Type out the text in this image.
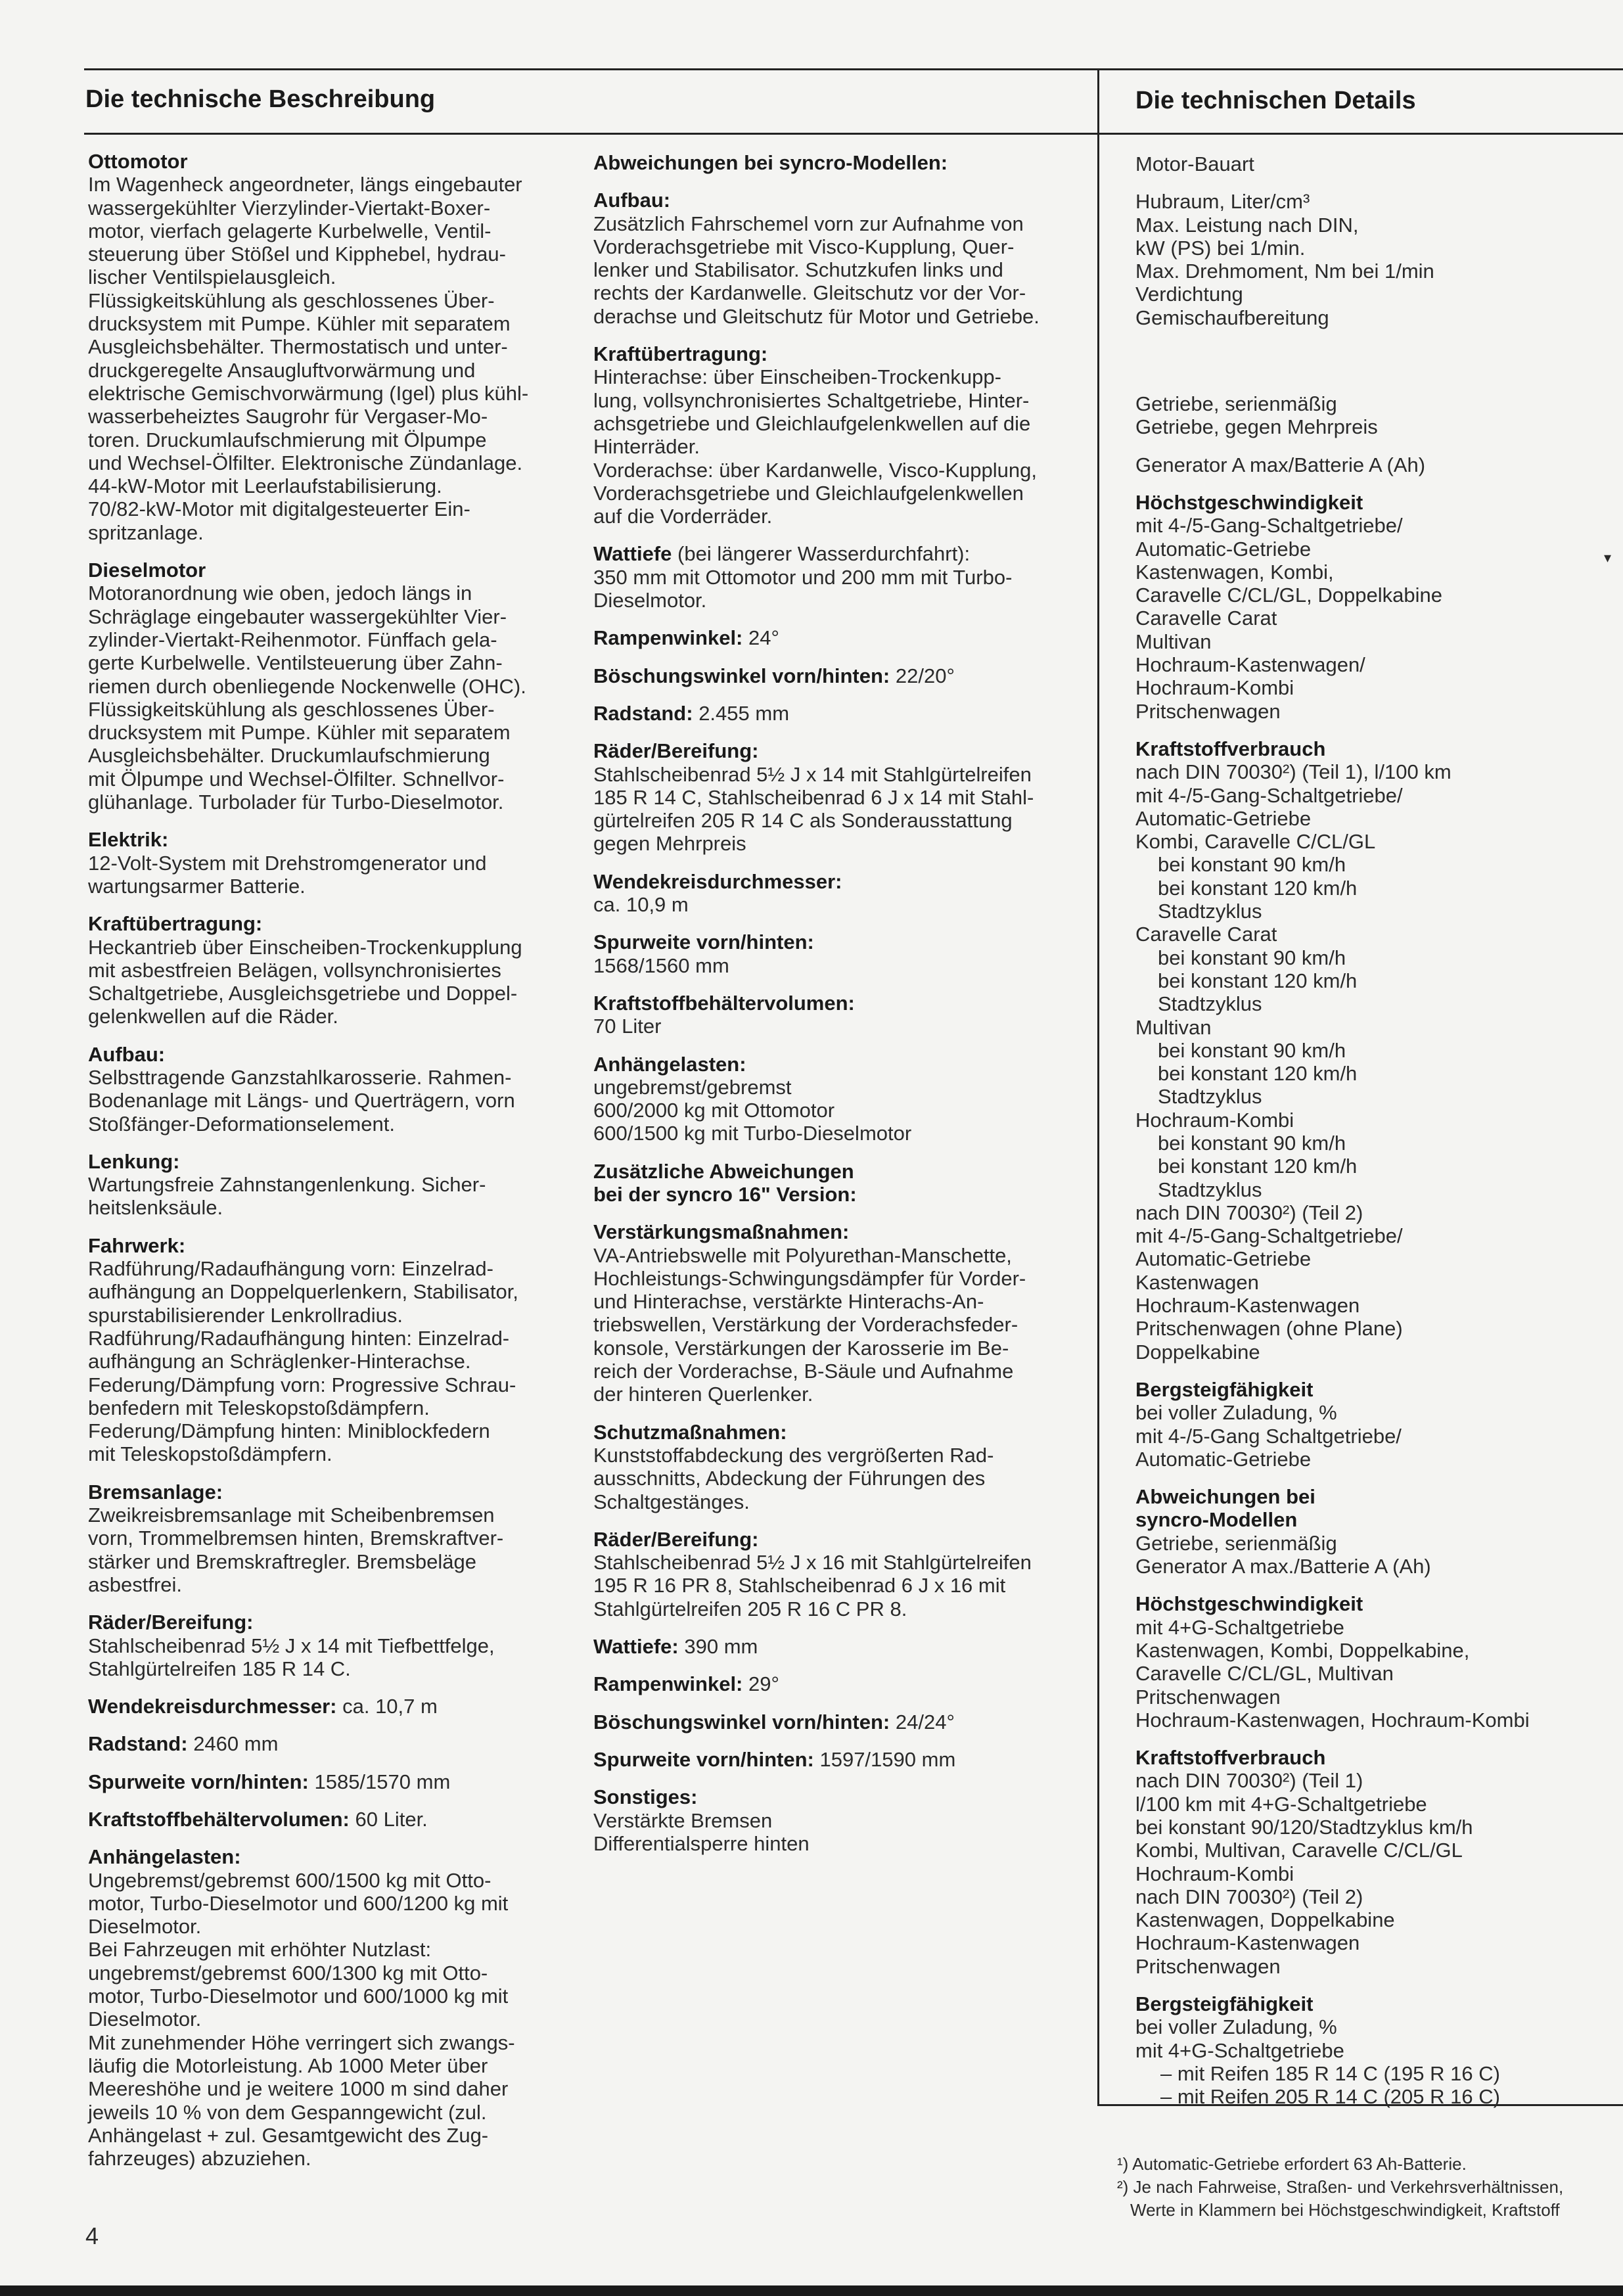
Die technische Beschreibung	Die technischen Details

Ottomotor

Im Wagenheck angeordneter, längs eingebauter

wassergekühlter Vierzylinder-Viertakt-Boxer-

motor, vierfach gelagerte Kurbelwelle, Ventil-

steuerung über Stößel und Kipphebel, hydrau-

lischer Ventilspielausgleich.

Flüssigkeitskühlung als geschlossenes Über-

drucksystem mit Pumpe. Kühler mit separatem

Ausgleichsbehälter. Thermostatisch und unter-

druckgeregelte Ansaugluftvorwärmung und

elektrische Gemischvorwärmung (Igel) plus kühl-

wasserbeheiztes Saugrohr für Vergaser-Mo-

toren. Druckumlaufschmierung mit Ölpumpe

und Wechsel-Ölfilter. Elektronische Zündanlage.

44-kW-Motor mit Leerlaufstabilisierung.

70/82-kW-Motor mit digitalgesteuerter Ein-

spritzanlage.

Dieselmotor

Motoranordnung wie oben, jedoch längs in

Schräglage eingebauter wassergekühlter Vier-

zylinder-Viertakt-Reihenmotor. Fünffach gela-

gerte Kurbelwelle. Ventilsteuerung über Zahn-

riemen durch obenliegende Nockenwelle (OHC).

Flüssigkeitskühlung als geschlossenes Über-

drucksystem mit Pumpe. Kühler mit separatem

Ausgleichsbehälter. Druckumlaufschmierung

mit Ölpumpe und Wechsel-Ölfilter. Schnellvor-

glühanlage. Turbolader für Turbo-Dieselmotor.

Elektrik:

12-Volt-System mit Drehstromgenerator und

wartungsarmer Batterie.

Kraftübertragung:

Heckantrieb über Einscheiben-Trockenkupplung

mit asbestfreien Belägen, vollsynchronisiertes

Schaltgetriebe, Ausgleichsgetriebe und Doppel-

gelenkwellen auf die Räder.

Aufbau:

Selbsttragende Ganzstahlkarosserie. Rahmen-

Bodenanlage mit Längs- und Querträgern, vorn

Stoßfänger-Deformationselement.

Lenkung:

Wartungsfreie Zahnstangenlenkung. Sicher-

heitslenksäule.

Fahrwerk:

Radführung/Radaufhängung vorn: Einzelrad-

aufhängung an Doppelquerlenkern, Stabilisator,

spurstabilisierender Lenkrollradius.

Radführung/Radaufhängung hinten: Einzelrad-

aufhängung an Schräglenker-Hinterachse.

Federung/Dämpfung vorn: Progressive Schrau-

benfedern mit Teleskopstoßdämpfern.

Federung/Dämpfung hinten: Miniblockfedern

mit Teleskopstoßdämpfern.

Bremsanlage:

Zweikreisbremsanlage mit Scheibenbremsen

vorn, Trommelbremsen hinten, Bremskraftver-

stärker und Bremskraftregler. Bremsbeläge

asbestfrei.

Räder/Bereifung:

Stahlscheibenrad 5½ J x 14 mit Tiefbettfelge,

Stahlgürtelreifen 185 R 14 C.

Wendekreisdurchmesser: ca. 10,7 m

Radstand: 2460 mm

Spurweite vorn/hinten: 1585/1570 mm

Kraftstoffbehältervolumen: 60 Liter.

Anhängelasten:

Ungebremst/gebremst 600/1500 kg mit Otto-

motor, Turbo-Dieselmotor und 600/1200 kg mit

Dieselmotor.

Bei Fahrzeugen mit erhöhter Nutzlast:

ungebremst/gebremst 600/1300 kg mit Otto-

motor, Turbo-Dieselmotor und 600/1000 kg mit

Dieselmotor.

Mit zunehmender Höhe verringert sich zwangs-

läufig die Motorleistung. Ab 1000 Meter über

Meereshöhe und je weitere 1000 m sind daher

jeweils 10 % von dem Gespanngewicht (zul.

Anhängelast + zul. Gesamtgewicht des Zug-

fahrzeuges) abzuziehen.

Abweichungen bei syncro-Modellen:

Aufbau:

Zusätzlich Fahrschemel vorn zur Aufnahme von

Vorderachsgetriebe mit Visco-Kupplung, Quer-

lenker und Stabilisator. Schutzkufen links und

rechts der Kardanwelle. Gleitschutz vor der Vor-

derachse und Gleitschutz für Motor und Getriebe.

Kraftübertragung:

Hinterachse: über Einscheiben-Trockenkupp-

lung, vollsynchronisiertes Schaltgetriebe, Hinter-

achsgetriebe und Gleichlaufgelenkwellen auf die

Hinterräder.

Vorderachse: über Kardanwelle, Visco-Kupplung,

Vorderachsgetriebe und Gleichlaufgelenkwellen

auf die Vorderräder.

Wattiefe (bei längerer Wasserdurchfahrt):

350 mm mit Ottomotor und 200 mm mit Turbo-

Dieselmotor.

Rampenwinkel: 24°

Böschungswinkel vorn/hinten: 22/20°

Radstand: 2.455 mm

Räder/Bereifung:

Stahlscheibenrad 5½ J x 14 mit Stahlgürtelreifen

185 R 14 C, Stahlscheibenrad 6 J x 14 mit Stahl-

gürtelreifen 205 R 14 C als Sonderausstattung

gegen Mehrpreis

Wendekreisdurchmesser:

ca. 10,9 m

Spurweite vorn/hinten:

1568/1560 mm

Kraftstoffbehältervolumen:

70 Liter

Anhängelasten:

ungebremst/gebremst

600/2000 kg mit Ottomotor

600/1500 kg mit Turbo-Dieselmotor

Zusätzliche Abweichungen

bei der syncro 16" Version:

Verstärkungsmaßnahmen:

VA-Antriebswelle mit Polyurethan-Manschette,

Hochleistungs-Schwingungsdämpfer für Vorder-

und Hinterachse, verstärkte Hinterachs-An-

triebswellen, Verstärkung der Vorderachsfeder-

konsole, Verstärkungen der Karosserie im Be-

reich der Vorderachse, B-Säule und Aufnahme

der hinteren Querlenker.

Schutzmaßnahmen:

Kunststoffabdeckung des vergrößerten Rad-

ausschnitts, Abdeckung der Führungen des

Schaltgestänges.

Räder/Bereifung:

Stahlscheibenrad 5½ J x 16 mit Stahlgürtelreifen

195 R 16 PR 8, Stahlscheibenrad 6 J x 16 mit

Stahlgürtelreifen 205 R 16 C PR 8.

Wattiefe: 390 mm

Rampenwinkel: 29°

Böschungswinkel vorn/hinten: 24/24°

Spurweite vorn/hinten: 1597/1590 mm

Sonstiges:

Verstärkte Bremsen

Differentialsperre hinten

Motor-Bauart

Hubraum, Liter/cm³

Max. Leistung nach DIN,

kW (PS) bei 1/min.

Max. Drehmoment, Nm bei 1/min

Verdichtung

Gemischaufbereitung

Getriebe, serienmäßig

Getriebe, gegen Mehrpreis

Generator A max/Batterie A (Ah)

Höchstgeschwindigkeit

mit 4-/5-Gang-Schaltgetriebe/

Automatic-Getriebe

Kastenwagen, Kombi,

Caravelle C/CL/GL, Doppelkabine

Caravelle Carat

Multivan

Hochraum-Kastenwagen/

Hochraum-Kombi

Pritschenwagen

Kraftstoffverbrauch

nach DIN 70030²) (Teil 1), l/100 km

mit 4-/5-Gang-Schaltgetriebe/

Automatic-Getriebe

Kombi, Caravelle C/CL/GL

bei konstant 90 km/h

bei konstant 120 km/h

Stadtzyklus

Caravelle Carat

bei konstant 90 km/h

bei konstant 120 km/h

Stadtzyklus

Multivan

bei konstant 90 km/h

bei konstant 120 km/h

Stadtzyklus

Hochraum-Kombi

bei konstant 90 km/h

bei konstant 120 km/h

Stadtzyklus

nach DIN 70030²) (Teil 2)

mit 4-/5-Gang-Schaltgetriebe/

Automatic-Getriebe

Kastenwagen

Hochraum-Kastenwagen

Pritschenwagen (ohne Plane)

Doppelkabine

Bergsteigfähigkeit

bei voller Zuladung, %

mit 4-/5-Gang Schaltgetriebe/

Automatic-Getriebe

Abweichungen bei

syncro-Modellen

Getriebe, serienmäßig

Generator A max./Batterie A (Ah)

Höchstgeschwindigkeit

mit 4+G-Schaltgetriebe

Kastenwagen, Kombi, Doppelkabine,

Caravelle C/CL/GL, Multivan

Pritschenwagen

Hochraum-Kastenwagen, Hochraum-Kombi

Kraftstoffverbrauch

nach DIN 70030²) (Teil 1)

l/100 km mit 4+G-Schaltgetriebe

bei konstant 90/120/Stadtzyklus km/h

Kombi, Multivan, Caravelle C/CL/GL

Hochraum-Kombi

nach DIN 70030²) (Teil 2)

Kastenwagen, Doppelkabine

Hochraum-Kastenwagen

Pritschenwagen

Bergsteigfähigkeit

bei voller Zuladung, %

mit 4+G-Schaltgetriebe

– mit Reifen 185 R 14 C (195 R 16 C)

– mit Reifen 205 R 14 C (205 R 16 C)

¹) Automatic-Getriebe erfordert 63 Ah-Batterie.
²) Je nach Fahrweise, Straßen- und Verkehrsverhältnissen,
Werte in Klammern bei Höchstgeschwindigkeit, Kraftstoff
4
▾
